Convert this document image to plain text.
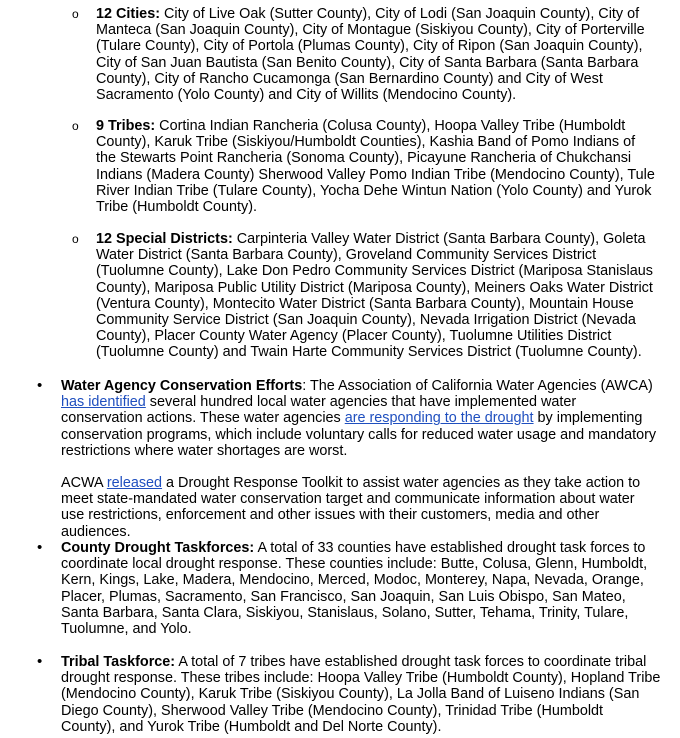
o 12 Cities: City of Live Oak (Sutter County), City of Lodi (San Joaquin County), City of Manteca (San Joaquin County), City of Montague (Siskiyou County), City of Porterville (Tulare County), City of Portola (Plumas County), City of Ripon (San Joaquin County), City of San Juan Bautista (San Benito County), City of Santa Barbara (Santa Barbara County), City of Rancho Cucamonga (San Bernardino County) and City of West Sacramento (Yolo County) and City of Willits (Mendocino County).

o 9 Tribes: Cortina Indian Rancheria (Colusa County), Hoopa Valley Tribe (Humboldt County), Karuk Tribe (Siskiyou/Humboldt Counties), Kashia Band of Pomo Indians of the Stewarts Point Rancheria (Sonoma County), Picayune Rancheria of Chukchansi Indians (Madera County) Sherwood Valley Pomo Indian Tribe (Mendocino County), Tule River Indian Tribe (Tulare County), Yocha Dehe Wintun Nation (Yolo County) and Yurok Tribe (Humboldt County).

o 12 Special Districts: Carpinteria Valley Water District (Santa Barbara County), Goleta Water District (Santa Barbara County), Groveland Community Services District (Tuolumne County), Lake Don Pedro Community Services District (Mariposa Stanislaus County), Mariposa Public Utility District (Mariposa County), Meiners Oaks Water District (Ventura County), Montecito Water District (Santa Barbara County), Mountain House Community Service District (San Joaquin County), Nevada Irrigation District (Nevada County), Placer County Water Agency (Placer County), Tuolumne Utilities District (Tuolumne County) and Twain Harte Community Services District (Tuolumne County).

• Water Agency Conservation Efforts: The Association of California Water Agencies (AWCA) has identified several hundred local water agencies that have implemented water conservation actions. These water agencies are responding to the drought by implementing conservation programs, which include voluntary calls for reduced water usage and mandatory restrictions where water shortages are worst.

ACWA released a Drought Response Toolkit to assist water agencies as they take action to meet state-mandated water conservation target and communicate information about water use restrictions, enforcement and other issues with their customers, media and other audiences.

• County Drought Taskforces: A total of 33 counties have established drought task forces to coordinate local drought response. These counties include: Butte, Colusa, Glenn, Humboldt, Kern, Kings, Lake, Madera, Mendocino, Merced, Modoc, Monterey, Napa, Nevada, Orange, Placer, Plumas, Sacramento, San Francisco, San Joaquin, San Luis Obispo, San Mateo, Santa Barbara, Santa Clara, Siskiyou, Stanislaus, Solano, Sutter, Tehama, Trinity, Tulare, Tuolumne, and Yolo.

• Tribal Taskforce: A total of 7 tribes have established drought task forces to coordinate tribal drought response. These tribes include: Hoopa Valley Tribe (Humboldt County), Hopland Tribe (Mendocino County), Karuk Tribe (Siskiyou County), La Jolla Band of Luiseno Indians (San Diego County), Sherwood Valley Tribe (Mendocino County), Trinidad Tribe (Humboldt County), and Yurok Tribe (Humboldt and Del Norte County).
